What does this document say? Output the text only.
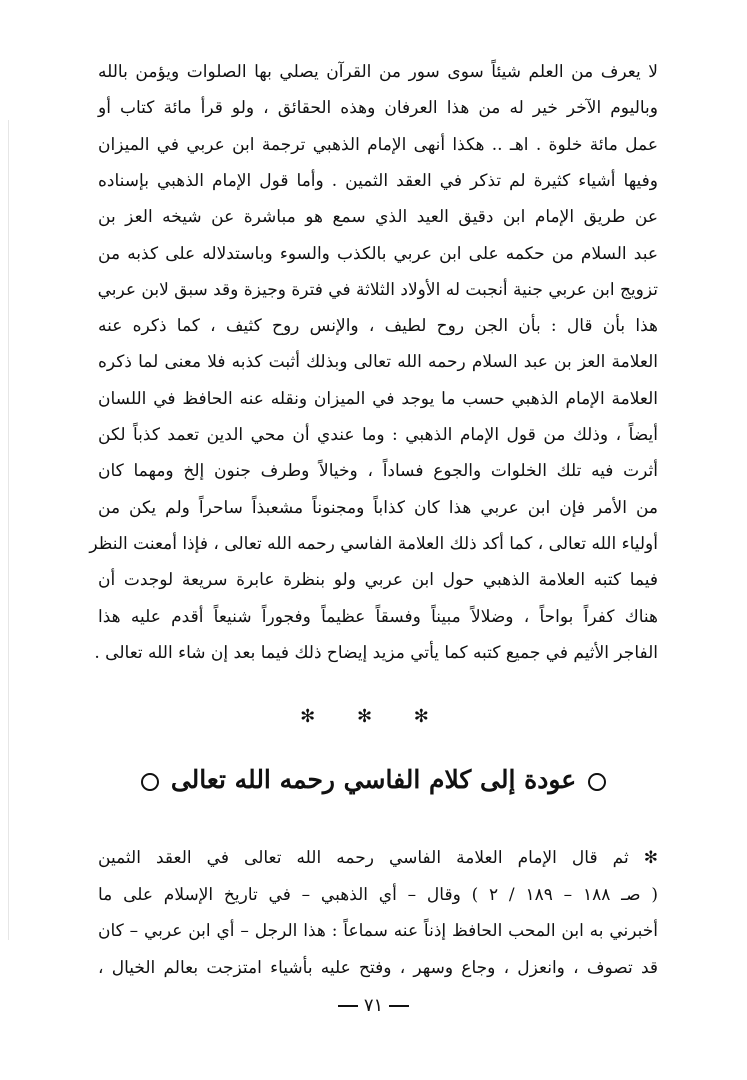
لا يعرف من العلم شيئاً سوى سور من القرآن يصلي بها الصلوات ويؤمن بالله
وباليوم الآخر خير له من هذا العرفان وهذه الحقائق ، ولو قرأ مائة كتاب أو
عمل مائة خلوة . اهـ .. هكذا أنهى الإمام الذهبي ترجمة ابن عربي في الميزان
وفيها أشياء كثيرة لم تذكر في العقد الثمين . وأما قول الإمام الذهبي بإسناده
عن طريق الإمام ابن دقيق العيد الذي سمع هو مباشرة عن شيخه العز بن
عبد السلام من حكمه على ابن عربي بالكذب والسوء وباستدلاله على كذبه من
تزويج ابن عربي جنية أنجبت له الأولاد الثلاثة في فترة وجيزة وقد سبق لابن عربي
هذا بأن قال : بأن الجن روح لطيف ، والإنس روح كثيف ، كما ذكره عنه
العلامة العز بن عبد السلام رحمه الله تعالى وبذلك أثبت كذبه فلا معنى لما ذكره
العلامة الإمام الذهبي حسب ما يوجد في الميزان ونقله عنه الحافظ في اللسان
أيضاً ، وذلك من قول الإمام الذهبي : وما عندي أن محي الدين تعمد كذباً لكن
أثرت فيه تلك الخلوات والجوع فساداً ، وخيالاً وطرف جنون إلخ ومهما كان
من الأمر فإن ابن عربي هذا كان كذاباً ومجنوناً مشعبذاً ساحراً ولم يكن من
أولياء الله تعالى ، كما أكد ذلك العلامة الفاسي رحمه الله تعالى ، فإذا أمعنت النظر
فيما كتبه العلامة الذهبي حول ابن عربي ولو بنظرة عابرة سريعة لوجدت أن
هناك كفراً بواحاً ، وضلالاً مبيناً وفسقاً عظيماً وفجوراً شنيعاً أقدم عليه هذا
الفاجر الأثيم في جميع كتبه كما يأتي مزيد إيضاح ذلك فيما بعد إن شاء الله تعالى .
✻ ✻ ✻
عودة إلى كلام الفاسي رحمه الله تعالى
✻ ثم قال الإمام العلامة الفاسي رحمه الله تعالى في العقد الثمين
( صـ ١٨٨ – ١٨٩ / ٢ ) وقال – أي الذهبي – في تاريخ الإسلام على ما
أخبرني به ابن المحب الحافظ إذناً عنه سماعاً : هذا الرجل – أي ابن عربي – كان
قد تصوف ، وانعزل ، وجاع وسهر ، وفتح عليه بأشياء امتزجت بعالم الخيال ،
٧١
